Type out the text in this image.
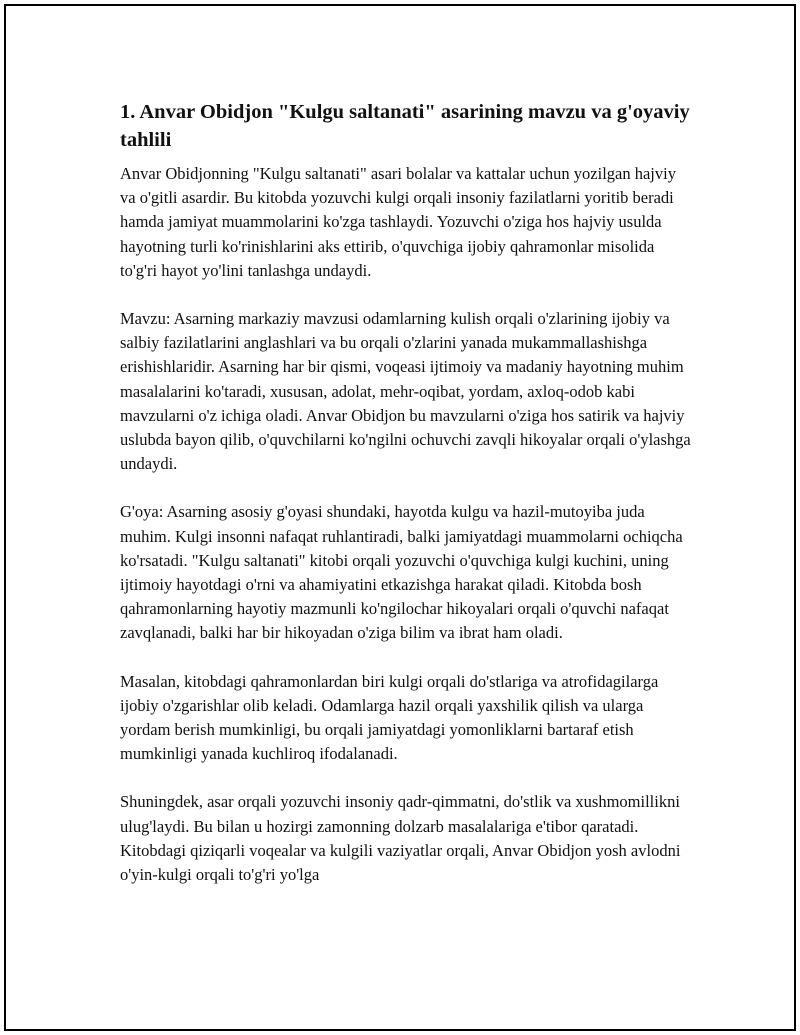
1. Anvar Obidjon "Kulgu saltanati" asarining mavzu va g'oyaviy tahlili

Anvar Obidjonning "Kulgu saltanati" asari bolalar va kattalar uchun yozilgan hajviy va o'gitli asardir. Bu kitobda yozuvchi kulgi orqali insoniy fazilatlarni yoritib beradi hamda jamiyat muammolarini ko'zga tashlaydi. Yozuvchi o'ziga hos hajviy usulda hayotning turli ko'rinishlarini aks ettirib, o'quvchiga ijobiy qahramonlar misolida to'g'ri hayot yo'lini tanlashga undaydi.

Mavzu: Asarning markaziy mavzusi odamlarning kulish orqali o'zlarining ijobiy va salbiy fazilatlarini anglashlari va bu orqali o'zlarini yanada mukammallashishga erishishlaridir. Asarning har bir qismi, voqeasi ijtimoiy va madaniy hayotning muhim masalalarini ko'taradi, xususan, adolat, mehr-oqibat, yordam, axloq-odob kabi mavzularni o'z ichiga oladi. Anvar Obidjon bu mavzularni o'ziga hos satirik va hajviy uslubda bayon qilib, o'quvchilarni ko'ngilni ochuvchi zavqli hikoyalar orqali o'ylashga undaydi.

G'oya: Asarning asosiy g'oyasi shundaki, hayotda kulgu va hazil-mutoyiba juda muhim. Kulgi insonni nafaqat ruhlantiradi, balki jamiyatdagi muammolarni ochiqcha ko'rsatadi. "Kulgu saltanati" kitobi orqali yozuvchi o'quvchiga kulgi kuchini, uning ijtimoiy hayotdagi o'rni va ahamiyatini etkazishga harakat qiladi. Kitobda bosh qahramonlarning hayotiy mazmunli ko'ngilochar hikoyalari orqali o'quvchi nafaqat zavqlanadi, balki har bir hikoyadan o'ziga bilim va ibrat ham oladi.

Masalan, kitobdagi qahramonlardan biri kulgi orqali do'stlariga va atrofidagilarga ijobiy o'zgarishlar olib keladi. Odamlarga hazil orqali yaxshilik qilish va ularga yordam berish mumkinligi, bu orqali jamiyatdagi yomonliklarni bartaraf etish mumkinligi yanada kuchliroq ifodalanadi.

Shuningdek, asar orqali yozuvchi insoniy qadr-qimmatni, do'stlik va xushmomillikni ulug'laydi. Bu bilan u hozirgi zamonning dolzarb masalalariga e'tibor qaratadi. Kitobdagi qiziqarli voqealar va kulgili vaziyatlar orqali, Anvar Obidjon yosh avlodni o'yin-kulgi orqali to'g'ri yo'lga
